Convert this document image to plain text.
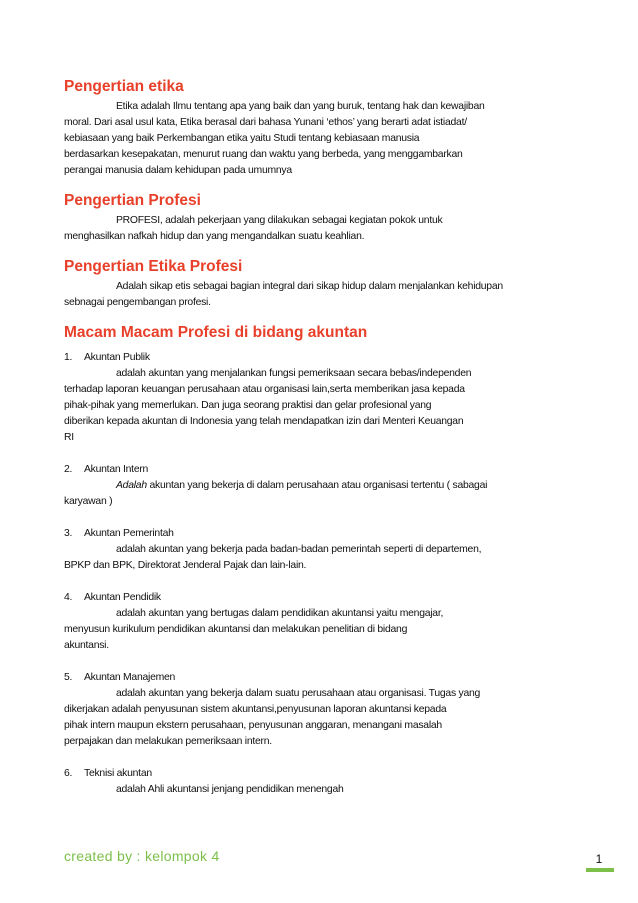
Pengertian etika

Etika adalah Ilmu tentang apa yang baik dan yang buruk, tentang hak dan kewajiban

moral. Dari asal usul kata, Etika berasal dari bahasa Yunani ‘ethos’ yang berarti adat istiadat/

kebiasaan yang baik Perkembangan etika yaitu Studi tentang kebiasaan manusia

berdasarkan kesepakatan, menurut ruang dan waktu yang berbeda, yang menggambarkan

perangai manusia dalam kehidupan pada umumnya

Pengertian Profesi

PROFESI, adalah pekerjaan yang dilakukan sebagai kegiatan pokok untuk

menghasilkan nafkah hidup dan yang mengandalkan suatu keahlian.

Pengertian Etika Profesi

Adalah sikap etis sebagai bagian integral dari sikap hidup dalam menjalankan kehidupan

sebnagai pengembangan profesi.

Macam Macam Profesi di bidang akuntan

1. Akuntan Publik

adalah akuntan yang menjalankan fungsi pemeriksaan secara bebas/independen

terhadap laporan keuangan perusahaan atau organisasi lain,serta memberikan jasa kepada

pihak-pihak yang memerlukan. Dan juga seorang praktisi dan gelar profesional yang

diberikan kepada akuntan di Indonesia yang telah mendapatkan izin dari Menteri Keuangan

RI

2. Akuntan Intern

Adalah akuntan yang bekerja di dalam perusahaan atau organisasi tertentu ( sabagai

karyawan )

3. Akuntan Pemerintah

adalah akuntan yang bekerja pada badan-badan pemerintah seperti di departemen,

BPKP dan BPK, Direktorat Jenderal Pajak dan lain-lain.

4. Akuntan Pendidik

adalah akuntan yang bertugas dalam pendidikan akuntansi yaitu mengajar,

menyusun kurikulum pendidikan akuntansi dan melakukan penelitian di bidang

akuntansi.

5. Akuntan Manajemen

adalah akuntan yang bekerja dalam suatu perusahaan atau organisasi. Tugas yang

dikerjakan adalah penyusunan sistem akuntansi,penyusunan laporan akuntansi kepada

pihak intern maupun ekstern perusahaan, penyusunan anggaran, menangani masalah

perpajakan dan melakukan pemeriksaan intern.

6. Teknisi akuntan

adalah Ahli akuntansi jenjang pendidikan menengah

created by : kelompok 4	1
